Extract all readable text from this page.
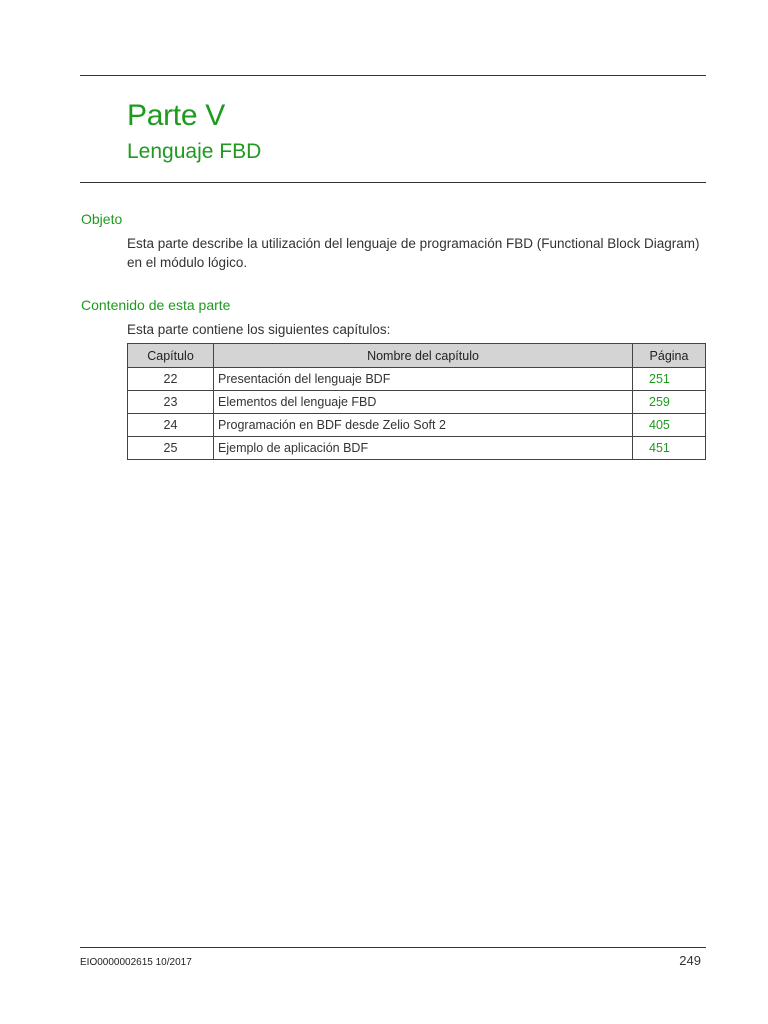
Parte V
Lenguaje FBD
Objeto

Esta parte describe la utilización del lenguaje de programación FBD (Functional Block Diagram) en el módulo lógico.

Contenido de esta parte

Esta parte contiene los siguientes capítulos:

Capítulo	Nombre del capítulo	Página
22	Presentación del lenguaje BDF	251
23	Elementos del lenguaje FBD	259
24	Programación en BDF desde Zelio Soft 2	405
25	Ejemplo de aplicación BDF	451

EIO0000002615 10/2017	249
